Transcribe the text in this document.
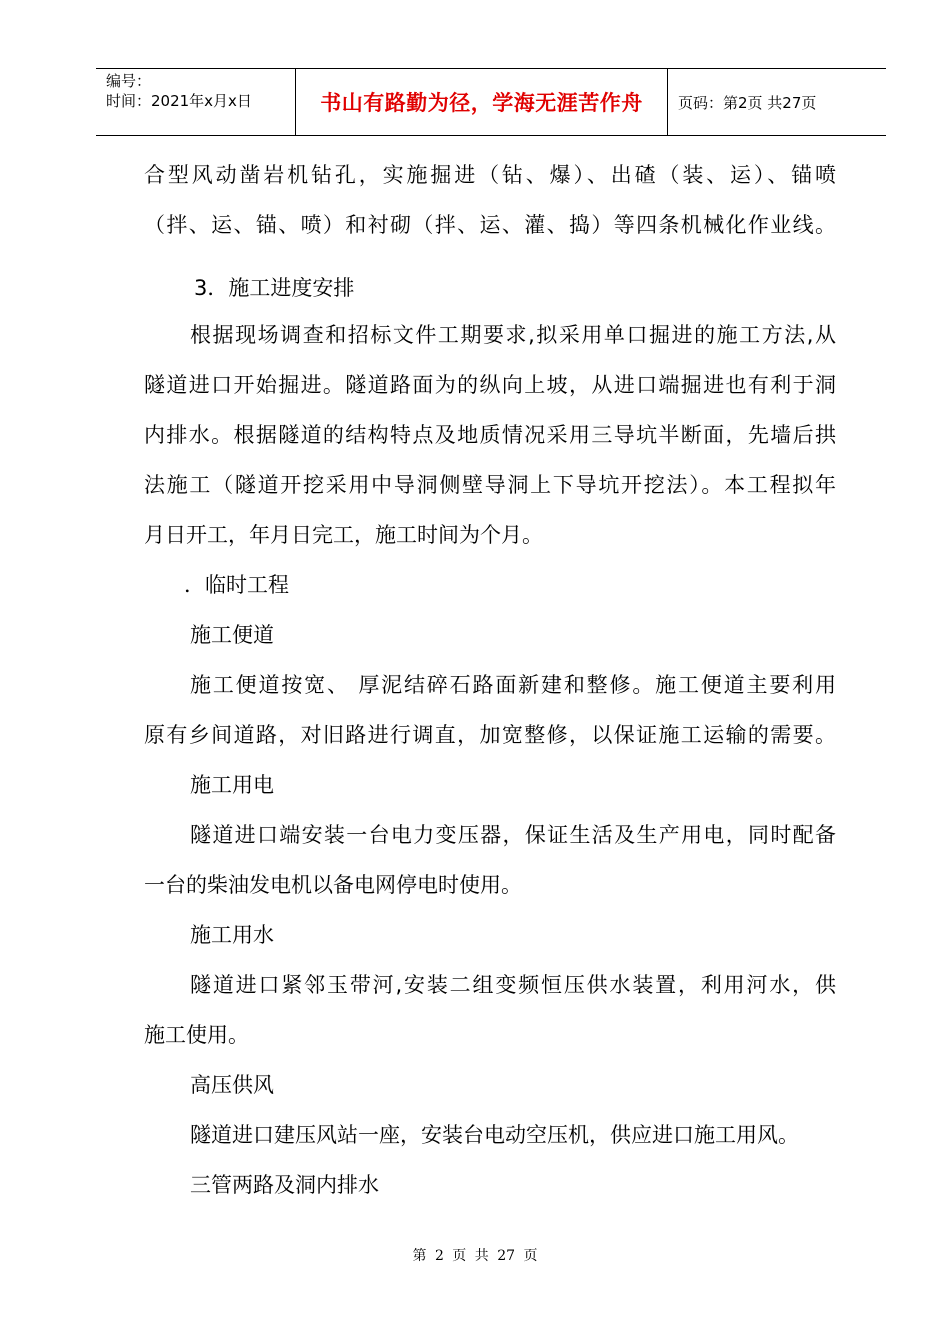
编号：
时间：2021年x月x日	书山有路勤为径，学海无涯苦作舟	页码：第2页 共27页
合型风动凿岩机钻孔，实施掘进（钻、爆）、出碴（装、运）、锚喷
（拌、运、锚、喷）和衬砌（拌、运、灌、捣）等四条机械化作业线。
3．施工进度安排
根据现场调查和招标文件工期要求,拟采用单口掘进的施工方法,从
隧道进口开始掘进。隧道路面为的纵向上坡，从进口端掘进也有利于洞
内排水。根据隧道的结构特点及地质情况采用三导坑半断面，先墙后拱
法施工（隧道开挖采用中导洞侧壁导洞上下导坑开挖法）。本工程拟年
月日开工，年月日完工，施工时间为个月。
．临时工程
施工便道
施工便道按宽、 厚泥结碎石路面新建和整修。施工便道主要利用
原有乡间道路，对旧路进行调直，加宽整修，以保证施工运输的需要。
施工用电
隧道进口端安装一台电力变压器，保证生活及生产用电，同时配备
一台的柴油发电机以备电网停电时使用。
施工用水
隧道进口紧邻玉带河,安装二组变频恒压供水装置，利用河水，供
施工使用。
高压供风
隧道进口建压风站一座，安装台电动空压机，供应进口施工用风。
三管两路及洞内排水
第 2 页 共 27 页
